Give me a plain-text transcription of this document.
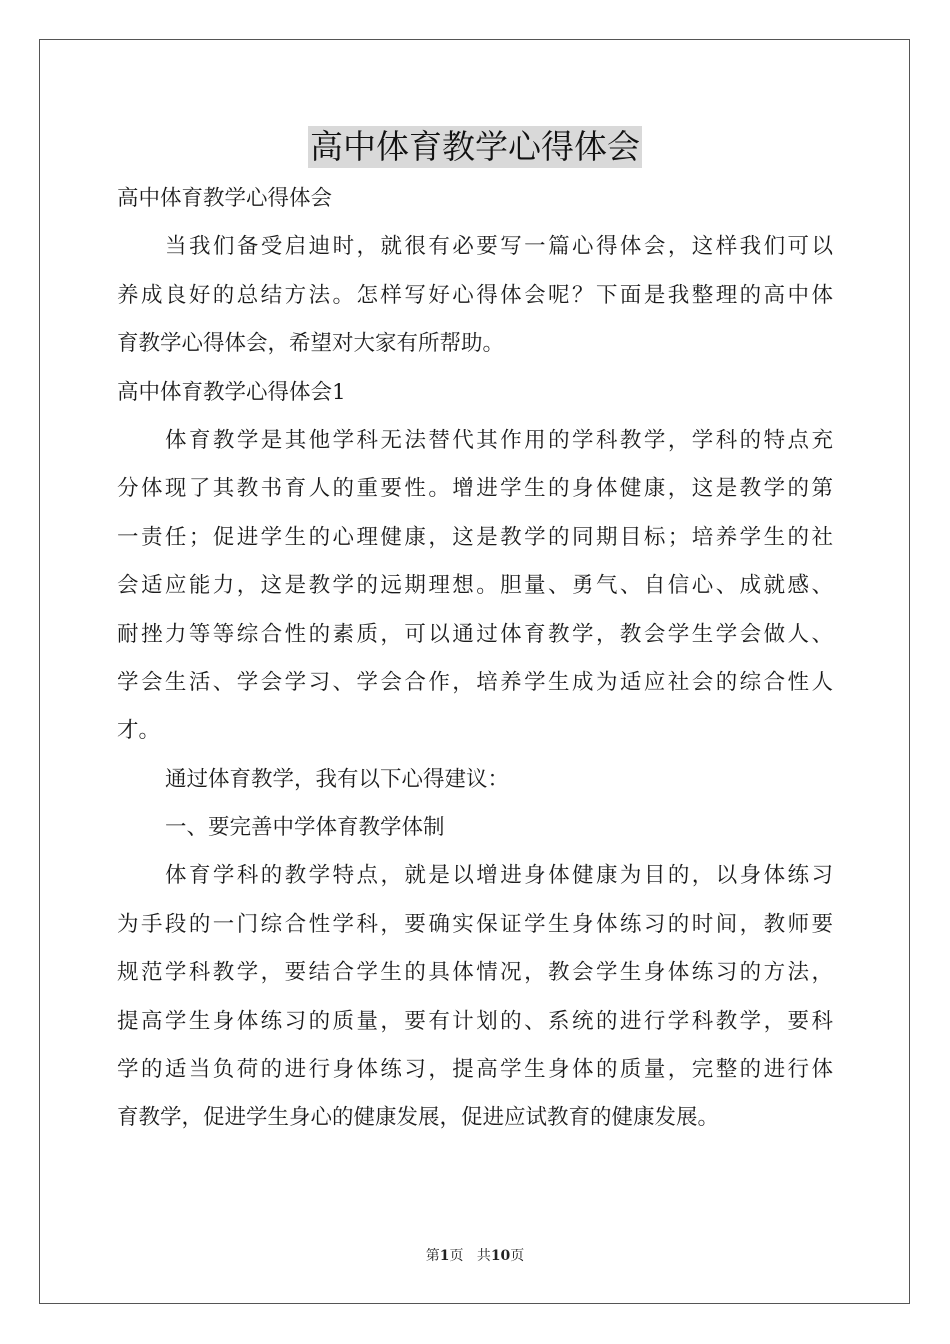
高中体育教学心得体会
高中体育教学心得体会
当我们备受启迪时，就很有必要写一篇心得体会，这样我们可以
养成良好的总结方法。怎样写好心得体会呢？下面是我整理的高中体
育教学心得体会，希望对大家有所帮助。
高中体育教学心得体会1
体育教学是其他学科无法替代其作用的学科教学，学科的特点充
分体现了其教书育人的重要性。增进学生的身体健康，这是教学的第
一责任；促进学生的心理健康，这是教学的同期目标；培养学生的社
会适应能力，这是教学的远期理想。胆量、勇气、自信心、成就感、
耐挫力等等综合性的素质，可以通过体育教学，教会学生学会做人、
学会生活、学会学习、学会合作，培养学生成为适应社会的综合性人
才。
通过体育教学，我有以下心得建议：
一、要完善中学体育教学体制
体育学科的教学特点，就是以增进身体健康为目的，以身体练习
为手段的一门综合性学科，要确实保证学生身体练习的时间，教师要
规范学科教学，要结合学生的具体情况，教会学生身体练习的方法，
提高学生身体练习的质量，要有计划的、系统的进行学科教学，要科
学的适当负荷的进行身体练习，提高学生身体的质量，完整的进行体
育教学，促进学生身心的健康发展，促进应试教育的健康发展。
第1页 共10页
